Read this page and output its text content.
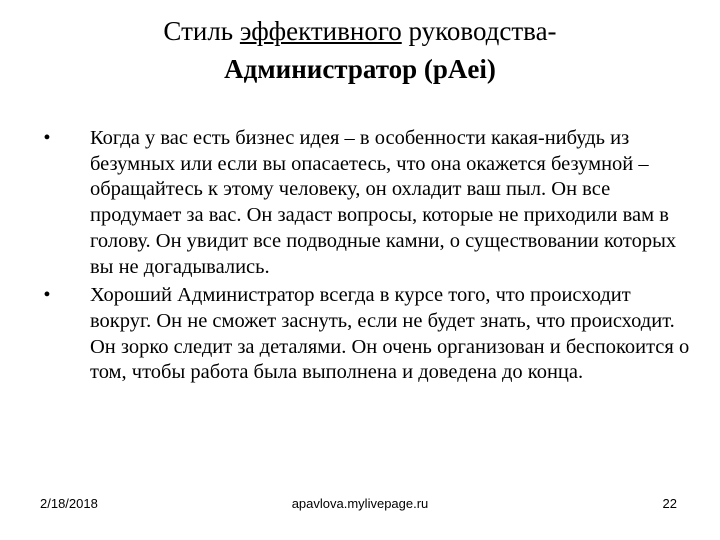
Стиль эффективного руководства-
Администратор (pAei)
• Когда у вас есть бизнес идея – в особенности какая-нибудь из безумных или если вы опасаетесь, что она окажется безумной – обращайтесь к этому человеку, он охладит ваш пыл. Он все продумает за вас. Он задаст вопросы, которые не приходили вам в голову. Он увидит все подводные камни, о существовании которых вы не догадывались.
• Хороший Администратор всегда в курсе того, что происходит вокруг. Он не сможет заснуть, если не будет знать, что происходит. Он зорко следит за деталями. Он очень организован и беспокоится о том, чтобы работа была выполнена и доведена до конца.
apavlova.mylivepage.ru
2/18/2018	22
